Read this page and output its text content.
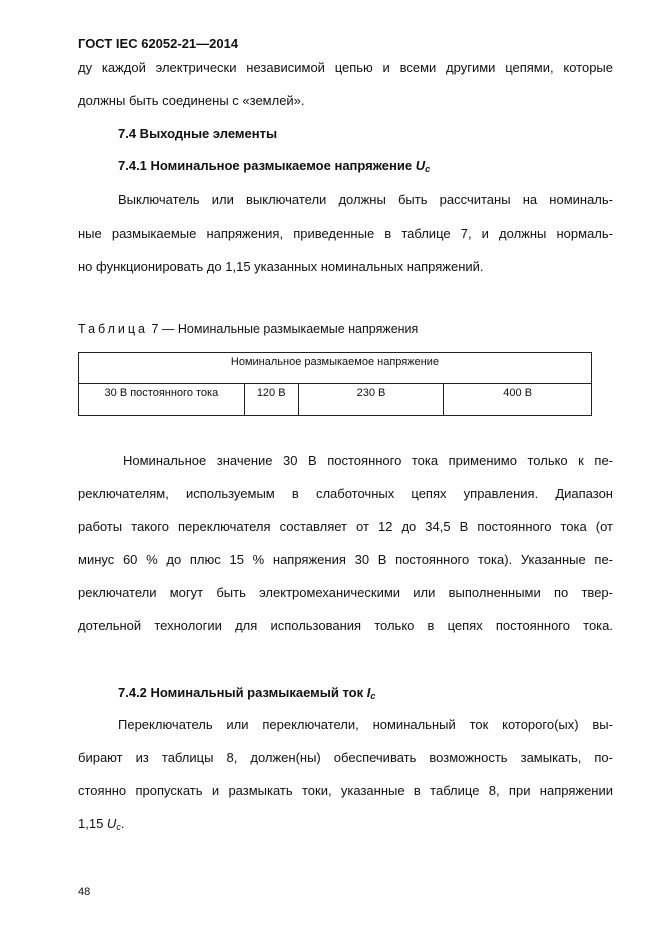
ГОСТ IEC 62052-21—2014
ду каждой электрически независимой цепью и всеми другими цепями, которые
должны быть соединены с «землей».
7.4 Выходные элементы
7.4.1 Номинальное размыкаемое напряжение $U_c$
Выключатель или выключатели должны быть рассчитаны на номиналь-
ные размыкаемые напряжения, приведенные в таблице 7, и должны нормаль-
но функционировать до 1,15 указанных номинальных напряжений.
Таблица 7 — Номинальные размыкаемые напряжения
Номинальное размыкаемое напряжение
30 В постоянного тока	120 В	230 В	400 В
Номинальное значение 30 В постоянного тока применимо только к пе-
реключателям, используемым в слаботочных цепях управления. Диапазон
работы такого переключателя составляет от 12 до 34,5 В постоянного тока (от
минус 60 % до плюс 15 % напряжения 30 В постоянного тока). Указанные пе-
реключатели могут быть электромеханическими или выполненными по твер-
дотельной технологии для использования только в цепях постоянного тока.
7.4.2 Номинальный размыкаемый ток $I_c$
Переключатель или переключатели, номинальный ток которого(ых) вы-
бирают из таблицы 8, должен(ны) обеспечивать возможность замыкать, по-
стоянно пропускать и размыкать токи, указанные в таблице 8, при напряжении
1,15 Uc.
48
